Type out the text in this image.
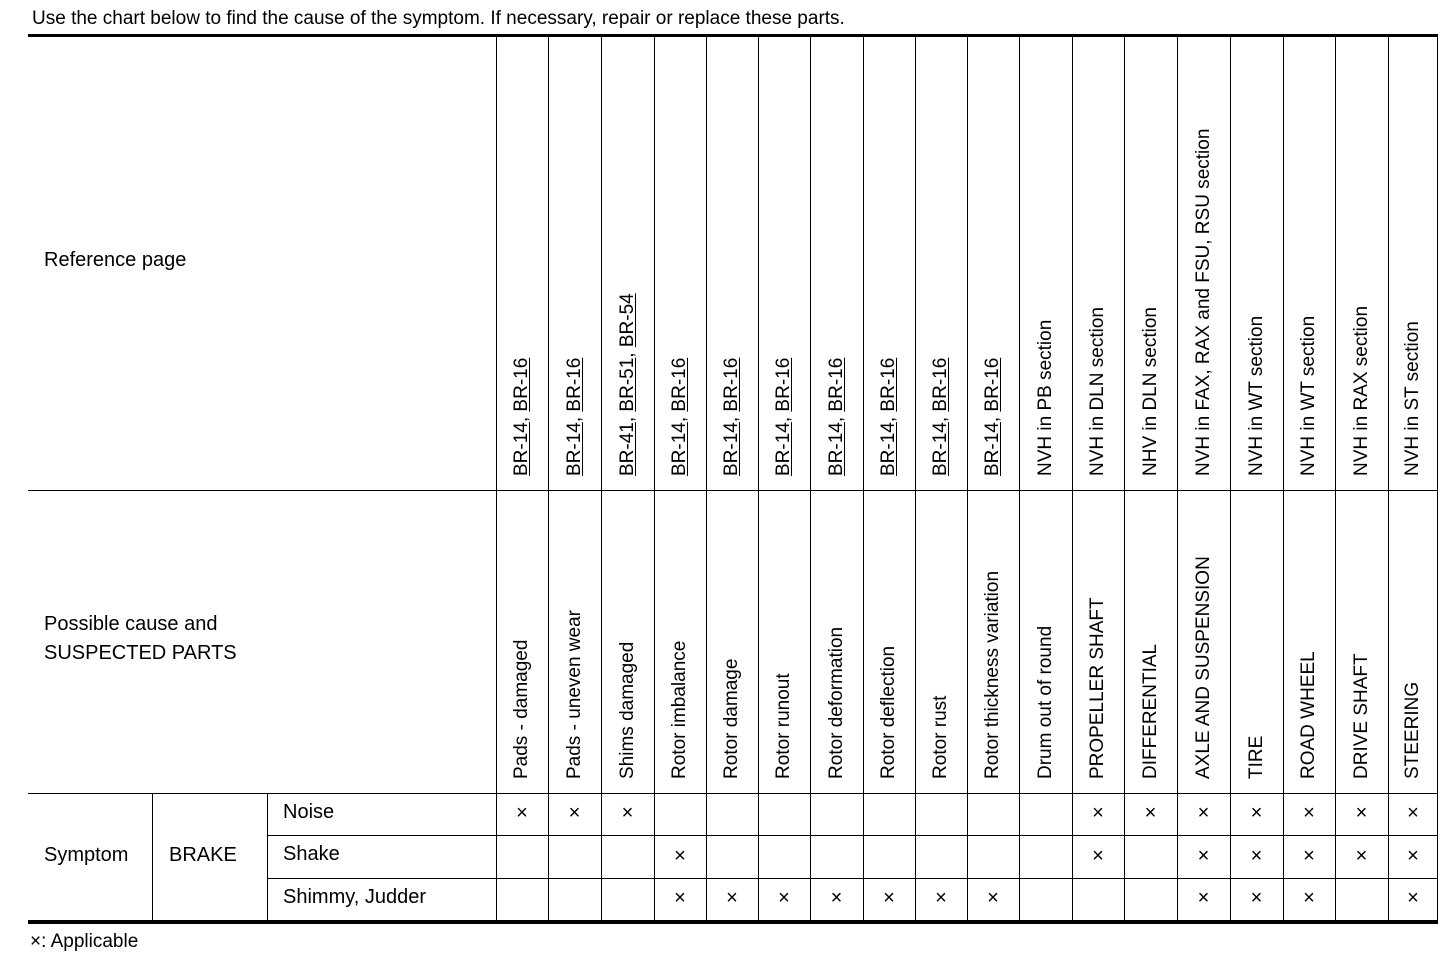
Use the chart below to find the cause of the symptom. If necessary, repair or replace these parts.
Reference page
Possible cause and
SUSPECTED PARTS
Symptom BRAKE
Noise
Shake
Shimmy, Judder
BR-14, BR-16
Pads - damaged
×
BR-14, BR-16
Pads - uneven wear
×
BR-41, BR-51, BR-54
Shims damaged
×
BR-14, BR-16
Rotor imbalance
×
×
BR-14, BR-16
Rotor damage
×
BR-14, BR-16
Rotor runout
×
BR-14, BR-16
Rotor deformation
×
BR-14, BR-16
Rotor deflection
×
BR-14, BR-16
Rotor rust
×
BR-14, BR-16
Rotor thickness variation
×
NVH in PB section
Drum out of round
NVH in DLN section
PROPELLER SHAFT
×
×
NHV in DLN section
DIFFERENTIAL
×
NVH in FAX, RAX and FSU, RSU section
AXLE AND SUSPENSION
×
×
×
NVH in WT section
TIRE
×
×
×
NVH in WT section
ROAD WHEEL
×
×
×
NVH in RAX section
DRIVE SHAFT
×
×
NVH in ST section
STEERING
×
×
×
×: Applicable
